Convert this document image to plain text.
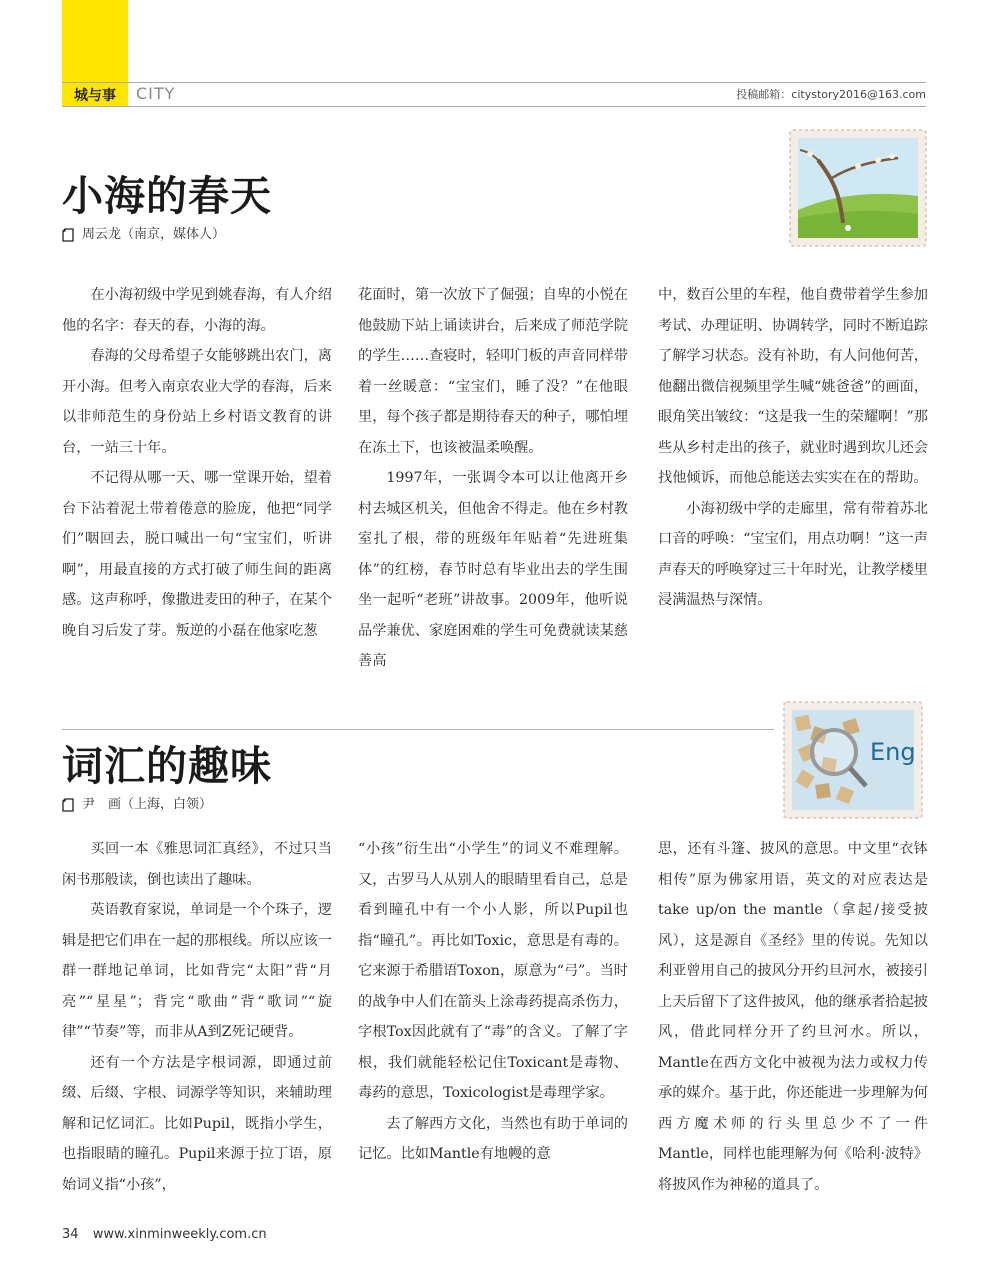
城与事	CITY	投稿邮箱：citystory2016@163.com
小海的春天
周云龙（南京，媒体人）

在小海初级中学见到姚春海，有人介绍他的名字：春天的春，小海的海。

春海的父母希望子女能够跳出农门，离开小海。但考入南京农业大学的春海，后来以非师范生的身份站上乡村语文教育的讲台，一站三十年。

不记得从哪一天、哪一堂课开始，望着台下沾着泥土带着倦意的脸庞，他把“同学们”咽回去，脱口喊出一句“宝宝们，听讲啊”，用最直接的方式打破了师生间的距离感。这声称呼，像撒进麦田的种子，在某个晚自习后发了芽。叛逆的小磊在他家吃葱

花面时，第一次放下了倔强；自卑的小悦在他鼓励下站上诵读讲台，后来成了师范学院的学生……查寝时，轻叩门板的声音同样带着一丝暖意：“宝宝们，睡了没？”在他眼里，每个孩子都是期待春天的种子，哪怕埋在冻土下，也该被温柔唤醒。

1997年，一张调令本可以让他离开乡村去城区机关，但他舍不得走。他在乡村教室扎了根，带的班级年年贴着“先进班集体”的红榜，春节时总有毕业出去的学生围坐一起听“老班”讲故事。2009年，他听说品学兼优、家庭困难的学生可免费就读某慈善高

中，数百公里的车程，他自费带着学生参加考试、办理证明、协调转学，同时不断追踪了解学习状态。没有补助，有人问他何苦，他翻出微信视频里学生喊“姚爸爸”的画面，眼角笑出皱纹：“这是我一生的荣耀啊！”那些从乡村走出的孩子，就业时遇到坎儿还会找他倾诉，而他总能送去实实在在的帮助。

小海初级中学的走廊里，常有带着苏北口音的呼唤：“宝宝们，用点功啊！”这一声声春天的呼唤穿过三十年时光，让教学楼里浸满温热与深情。

词汇的趣味
尹　画（上海，白领）
Eng

买回一本《雅思词汇真经》，不过只当闲书那般读，倒也读出了趣味。

英语教育家说，单词是一个个珠子，逻辑是把它们串在一起的那根线。所以应该一群一群地记单词，比如背完“太阳”背“月亮”“星星”；背完“歌曲”背“歌词”“旋律”“节奏”等，而非从A到Z死记硬背。

还有一个方法是字根词源，即通过前缀、后缀、字根、词源学等知识，来辅助理解和记忆词汇。比如Pupil，既指小学生，也指眼睛的瞳孔。Pupil来源于拉丁语，原始词义指“小孩”，

“小孩”衍生出“小学生”的词义不难理解。又，古罗马人从别人的眼睛里看自己，总是看到瞳孔中有一个小人影，所以Pupil也指“瞳孔”。再比如Toxic，意思是有毒的。它来源于希腊语Toxon，原意为“弓”。当时的战争中人们在箭头上涂毒药提高杀伤力，字根Tox因此就有了“毒”的含义。了解了字根，我们就能轻松记住Toxicant是毒物、毒药的意思，Toxicologist是毒理学家。

去了解西方文化，当然也有助于单词的记忆。比如Mantle有地幔的意

思，还有斗篷、披风的意思。中文里“衣钵相传”原为佛家用语，英文的对应表达是take up/on the mantle（拿起/接受披风），这是源自《圣经》里的传说。先知以利亚曾用自己的披风分开约旦河水，被接引上天后留下了这件披风，他的继承者拾起披风，借此同样分开了约旦河水。所以，Mantle在西方文化中被视为法力或权力传承的媒介。基于此，你还能进一步理解为何西方魔术师的行头里总少不了一件Mantle，同样也能理解为何《哈利·波特》将披风作为神秘的道具了。

34 www.xinminweekly.com.cn
